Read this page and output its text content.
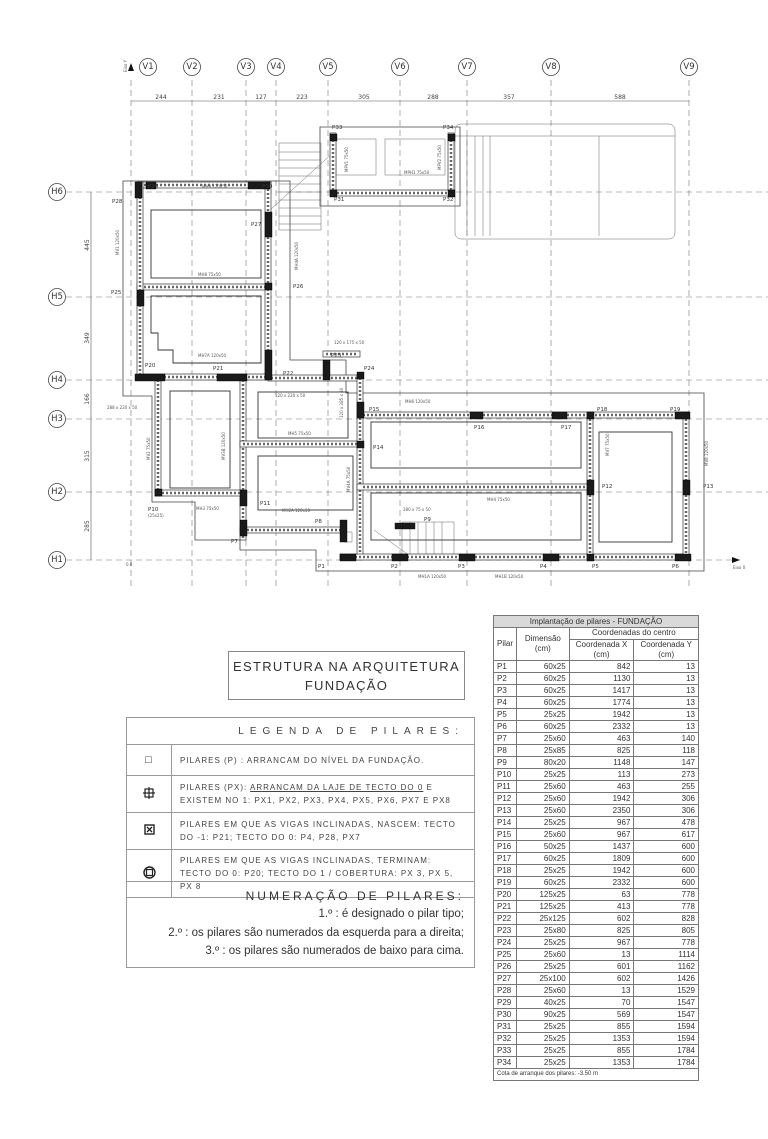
V1	V2	V3 V4	V5	V6	V7	V8	V9
Eixo Y
H6
H5
H4
H3
H2
H1
244	231	127	223	305	288	357	588
445
349
166
315
285
0.0
Eixo X
P1	P2	P3	P4	P5	P6
P7
P8	P9
P10
(25x25)
P11
P12	P13
P14
P15
P16	P17
P18	P19
P20	P21
P22
P23
P24
P25
P26
P27
P28
P29	P30
P31	P32
P33	P34
MH9 120x50
MH8 75x50
MH7A 120x50
MV1 120x50	MH4A 120x50
MV2 75x50	MV3B 120x50	MH5 75x50
MH3 75x50	MH2A 120x50
MV4A 75x50
MH6 120x50
MH4 75x50
MV7 75x50	MV8 120x50
MH1A 120x50	MH1B 120x50
MPH1 75x50
MPV1 75x50	MPV2 75x50
288 x 220 x 50
120 x 220 x 50
120 x 175 x 50
120 x 285 x 50
280 x 75 x 50
ESTRUTURA NA ARQUITETURA
FUNDAÇÃO
LEGENDA DE PILARES:	
□	PILARES (P) : ARRANCAM DO NÍVEL DA FUNDAÇÃO.
	PILARES (PX): ARRANCAM DA LAJE DE TECTO DO 0 E EXISTEM NO 1: PX1, PX2, PX3, PX4, PX5, PX6, PX7 E PX8
	PILARES EM QUE AS VIGAS INCLINADAS, NASCEM: TECTO DO -1: P21; TECTO DO 0: P4, P28, PX7
	PILARES EM QUE AS VIGAS INCLINADAS, TERMINAM: TECTO DO 0: P20; TECTO DO 1 / COBERTURA: PX 3, PX 5, PX 8
NUMERAÇÃO DE PILARES:
1.º : é designado o pilar tipo;
2.º : os pilares são numerados da esquerda para a direita;
3.º : os pilares são numerados de baixo para cima.
Implantação de pilares - FUNDAÇÃO			
Pilar	Dimensão (cm)	Coordenadas do centro	
		Coordenada X (cm)	Coordenada Y (cm)
P1	60x25	842	13
P2	60x25	1130	13
P3	60x25	1417	13
P4	60x25	1774	13
P5	25x25	1942	13
P6	60x25	2332	13
P7	25x60	463	140
P8	25x85	825	118
P9	80x20	1148	147
P10	25x25	113	273
P11	25x60	463	255
P12	25x60	1942	306
P13	25x60	2350	306
P14	25x25	967	478
P15	25x60	967	617
P16	50x25	1437	600
P17	60x25	1809	600
P18	25x25	1942	600
P19	60x25	2332	600
P20	125x25	63	778
P21	125x25	413	778
P22	25x125	602	828
P23	25x80	825	805
P24	25x25	967	778
P25	25x60	13	1114
P26	25x25	601	1162
P27	25x100	602	1426
P28	25x60	13	1529
P29	40x25	70	1547
P30	90x25	569	1547
P31	25x25	855	1594
P32	25x25	1353	1594
P33	25x25	855	1784
P34	25x25	1353	1784
Cota de arranque dos pilares: -3.50 m			
